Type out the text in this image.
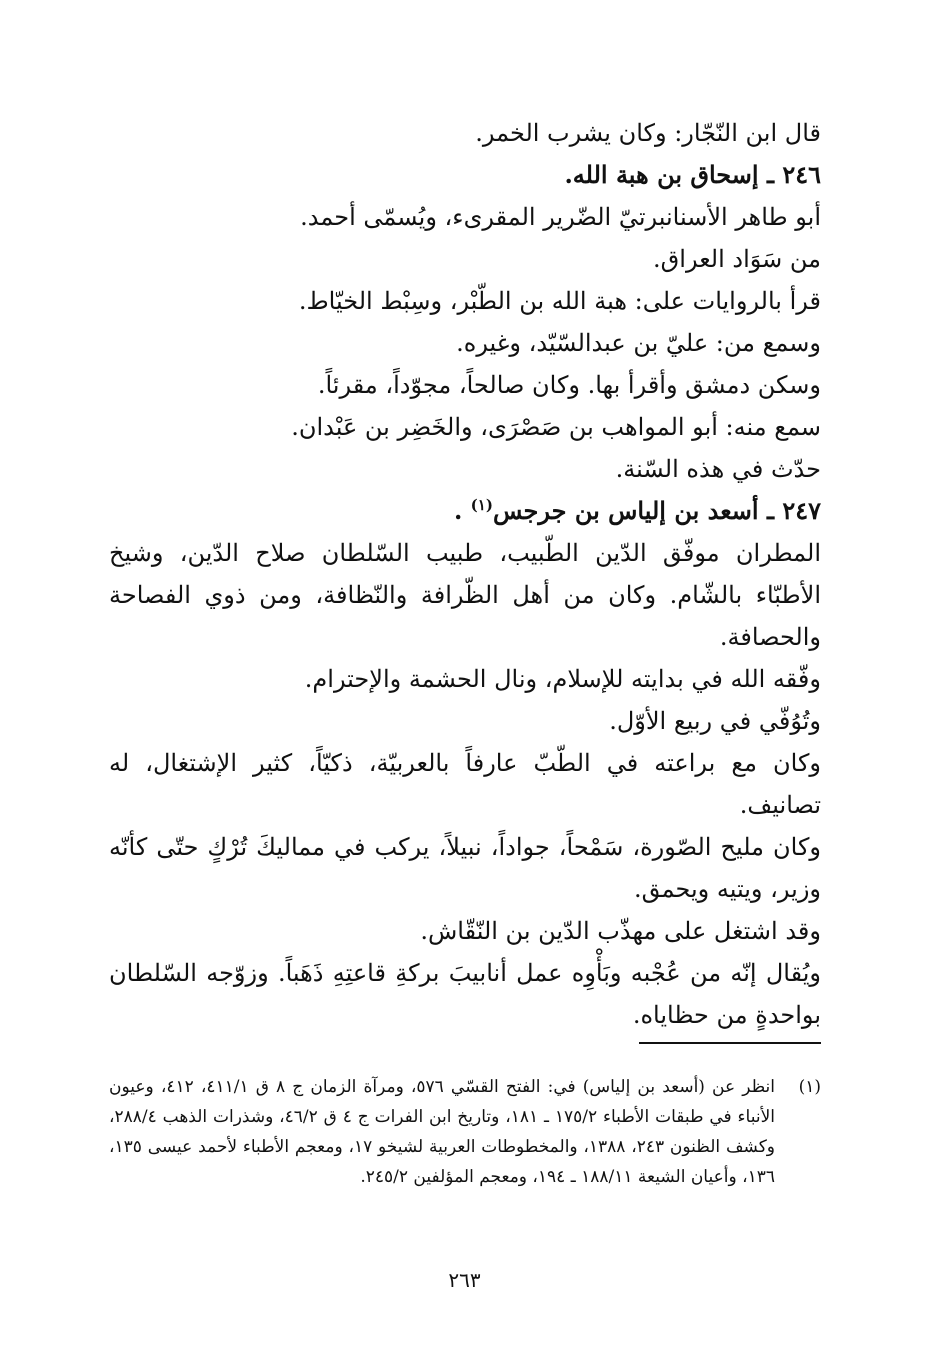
قال ابن النّجّار: وكان يشرب الخمر.

٢٤٦ ـ إسحاق بن هبة الله.

أبو طاهر الأسنانبرتيّ الضّرير المقرىء، ويُسمّى أحمد.

من سَوَاد العراق.

قرأ بالروايات على: هبة الله بن الطّبْر، وسِبْط الخيّاط.

وسمع من: عليّ بن عبدالسّيّد، وغيره.

وسكن دمشق وأقرأ بها. وكان صالحاً، مجوّداً، مقرئاً.

سمع منه: أبو المواهب بن صَصْرَى، والخَضِر بن عَبْدان.

حدّث في هذه السّنة.

٢٤٧ ـ أسعد بن إلياس بن جرجس$^{(١)}$ .

المطران موفّق الدّين الطّبيب، طبيب السّلطان صلاح الدّين، وشيخ الأطبّاء بالشّام. وكان من أهل الظّرافة والنّظافة، ومن ذوي الفصاحة والحصافة.

وفّقه الله في بدايته للإسلام، ونال الحشمة والإحترام.

وتُوُفّي في ربيع الأوّل.

وكان مع براعته في الطّبّ عارفاً بالعربيّة، ذكيّاً، كثير الإشتغال، له تصانيف.

وكان مليح الصّورة، سَمْحاً، جواداً، نبيلاً، يركب في مماليكَ تُرْكٍ حتّى كأنّه وزير، ويتيه ويحمق.

وقد اشتغل على مهذّب الدّين بن النّقّاش.

ويُقال إنّه من عُجْبه وبَأْوِه عمل أنابيبَ بركةِ قاعتِهِ ذَهَباً. وزوّجه السّلطان بواحدةٍ من حظاياه.

(١)
انظر عن (أسعد بن إلياس) في: الفتح القسّي ٥٧٦، ومرآة الزمان ج ٨ ق ٤١١/١، ٤١٢، وعيون الأنباء في طبقات الأطباء ١٧٥/٢ ـ ١٨١، وتاريخ ابن الفرات ج ٤ ق ٤٦/٢، وشذرات الذهب ٢٨٨/٤، وكشف الظنون ٢٤٣، ١٣٨٨، والمخطوطات العربية لشيخو ١٧، ومعجم الأطباء لأحمد عيسى ١٣٥، ١٣٦، وأعيان الشيعة ١٨٨/١١ ـ ١٩٤، ومعجم المؤلفين ٢٤٥/٢.
٢٦٣
